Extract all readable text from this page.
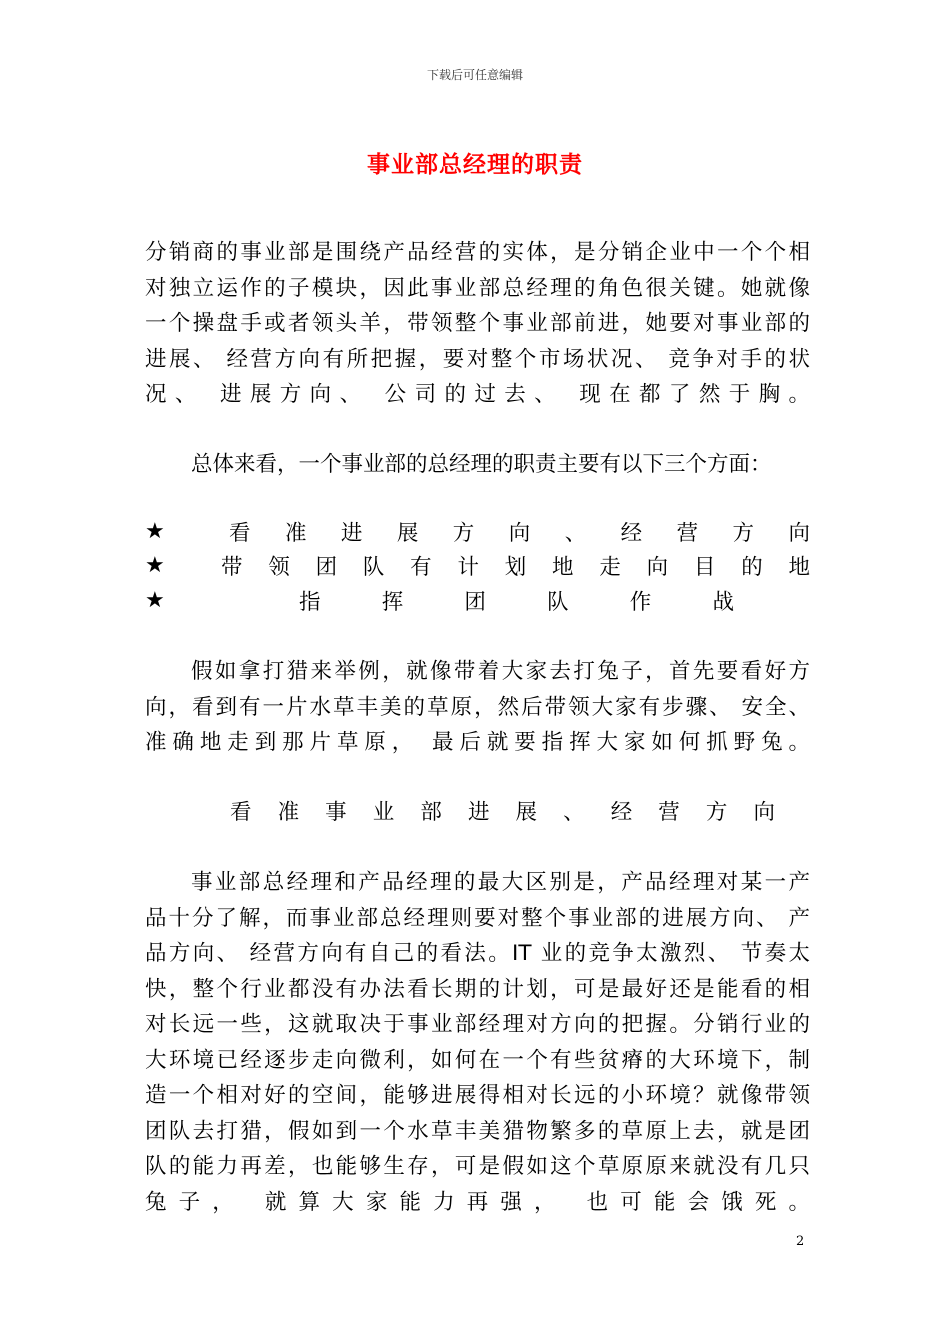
下载后可任意编辑
事业部总经理的职责
分销商的事业部是围绕产品经营的实体，是分销企业中一个个相
对独立运作的子模块，因此事业部总经理的角色很关键。她就像
一个操盘手或者领头羊，带领整个事业部前进，她要对事业部的
进展、 经营方向有所把握，要对整个市场状况、 竞争对手的状
况、 进展方向、 公司的过去、 现在都了然于胸。
总体来看，一个事业部的总经理的职责主要有以下三个方面：
★	看准进展方向、经营方向
★	带领团队有计划地走向目的地
★	指挥团队作战
假如拿打猎来举例，就像带着大家去打兔子，首先要看好方
向，看到有一片水草丰美的草原，然后带领大家有步骤、 安全、
准确地走到那片草原， 最后就要指挥大家如何抓野兔。
看准事业部进展、经营方向
事业部总经理和产品经理的最大区别是，产品经理对某一产
品十分了解，而事业部总经理则要对整个事业部的进展方向、 产
品方向、 经营方向有自己的看法。IT 业的竞争太激烈、 节奏太
快，整个行业都没有办法看长期的计划，可是最好还是能看的相
对长远一些，这就取决于事业部经理对方向的把握。分销行业的
大环境已经逐步走向微利，如何在一个有些贫瘠的大环境下，制
造一个相对好的空间，能够进展得相对长远的小环境？就像带领
团队去打猎，假如到一个水草丰美猎物繁多的草原上去，就是团
队的能力再差，也能够生存，可是假如这个草原原来就没有几只
兔子， 就算大家能力再强， 也可能会饿死。
2
